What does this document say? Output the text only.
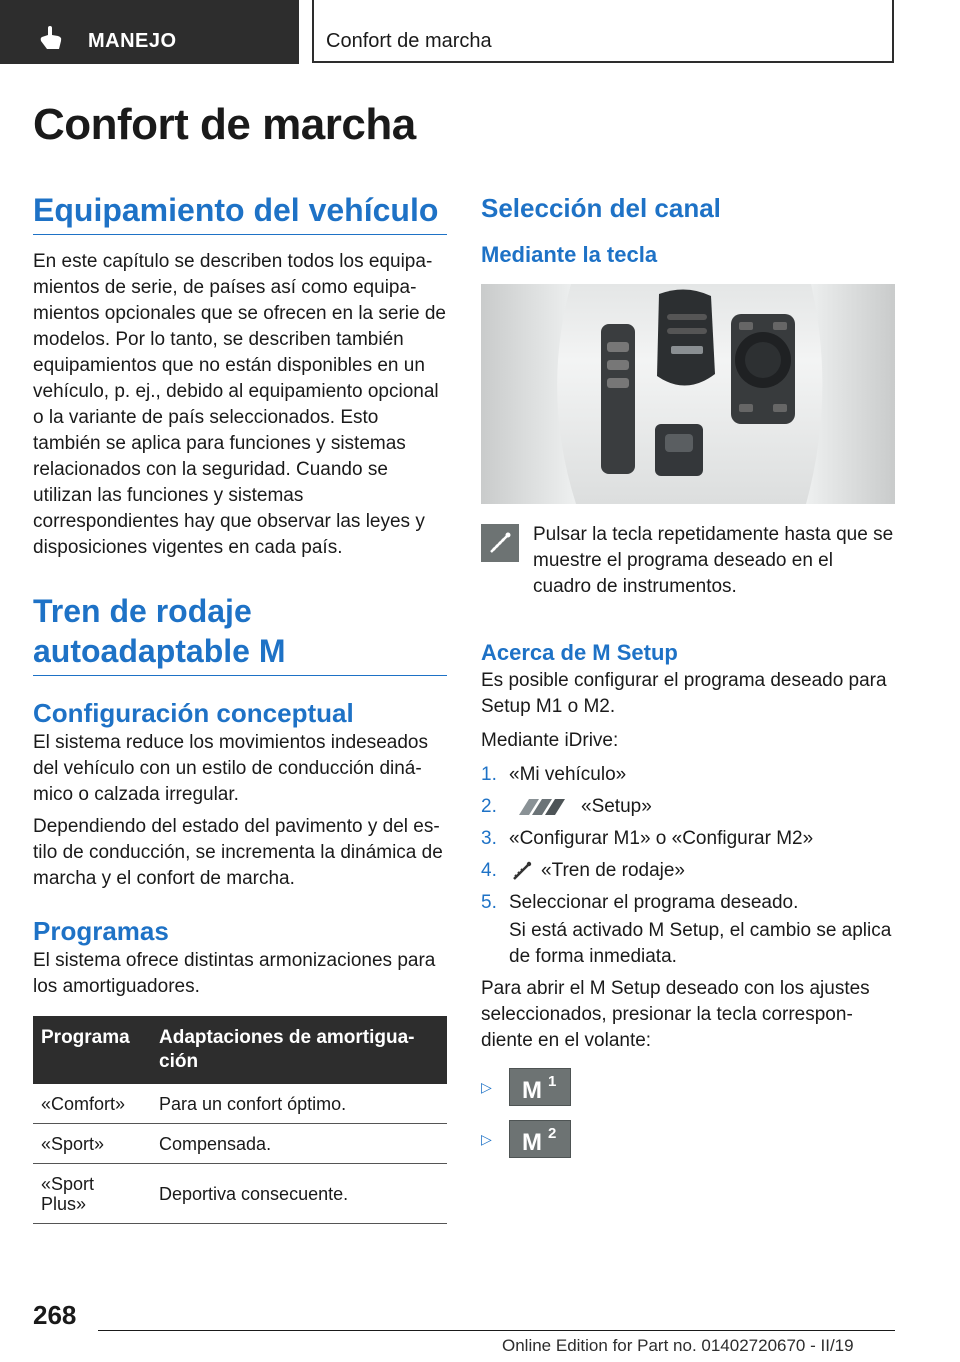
MANEJO	Confort de marcha
Confort de marcha
Equipamiento del vehículo

En este capítulo se describen todos los equipamientos de serie, de países así como equipamientos opcionales que se ofrecen en la serie de modelos. Por lo tanto, se describen también equipamientos que no están disponibles en un vehículo, p. ej., debido al equipamiento opcional o la variante de país seleccionados. Esto también se aplica para funciones y sistemas relacionados con la seguridad. Cuando se utilizan las funciones y sistemas correspondientes hay que observar las leyes y disposiciones vigentes en cada país.

Tren de rodaje autoadaptable M
Configuración conceptual

El sistema reduce los movimientos indeseados del vehículo con un estilo de conducción dinámico o calzada irregular.

Dependiendo del estado del pavimento y del estilo de conducción, se incrementa la dinámica de marcha y el confort de marcha.

Programas

El sistema ofrece distintas armonizaciones para los amortiguadores.

Programa	Adaptaciones de amortiguación
«Comfort»	Para un confort óptimo.
«Sport»	Compensada.
«Sport Plus»	Deportiva consecuente.
Selección del canal
Mediante la tecla

Pulsar la tecla repetidamente hasta que se muestre el programa deseado en el cuadro de instrumentos.

Acerca de M Setup

Es posible configurar el programa deseado para Setup M1 o M2.

Mediante iDrive:

1. «Mi vehículo»
2.	«Setup»
3. «Configurar M1» o «Configurar M2»
4.	«Tren de rodaje»
5. Seleccionar el programa deseado.

Si está activado M Setup, el cambio se aplica de forma inmediata.

Para abrir el M Setup deseado con los ajustes seleccionados, presionar la tecla correspondiente en el volante:

▷	M 1
▷	M 2
268
Online Edition for Part no. 01402720670 - II/19
